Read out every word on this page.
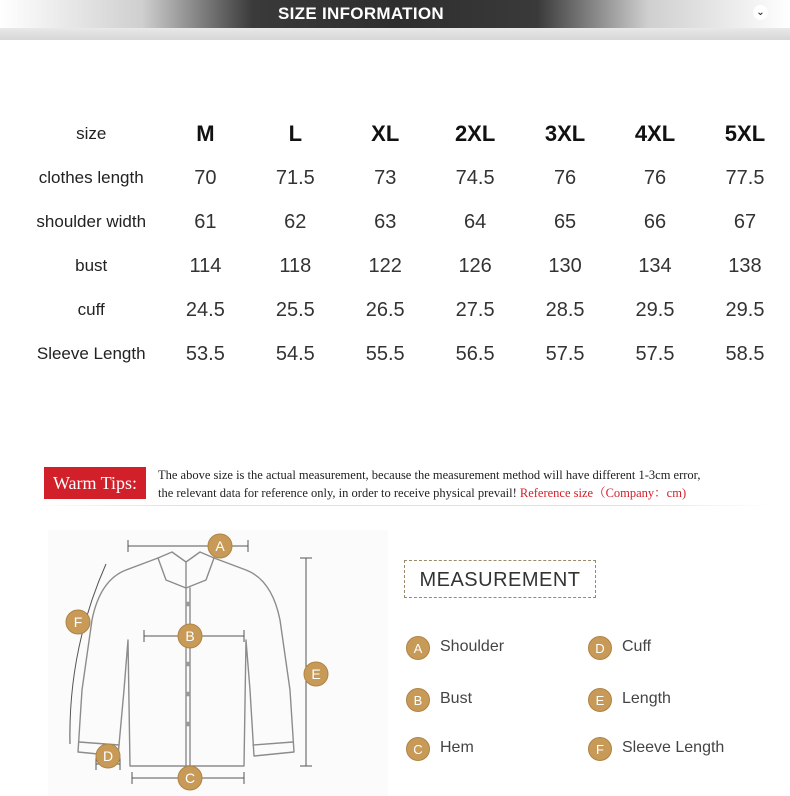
SIZE INFORMATION	⌄
size	M	L	XL	2XL	3XL	4XL	5XL
clothes length	70	71.5	73	74.5	76	76	77.5
shoulder width	61	62	63	64	65	66	67
bust	114	118	122	126	130	134	138
cuff	24.5	25.5	26.5	27.5	28.5	29.5	29.5
Sleeve Length	53.5	54.5	55.5	56.5	57.5	57.5	58.5
Warm Tips:	The above size is the actual measurement, because the measurement method will have different 1-3cm error,
the relevant data for reference only, in order to receive physical prevail! Reference size（Company：cm)
A
B
C
D
E
F
MEASUREMENT
A	Shoulder
B	Bust
C	Hem
D	Cuff
E	Length
F	Sleeve Length
